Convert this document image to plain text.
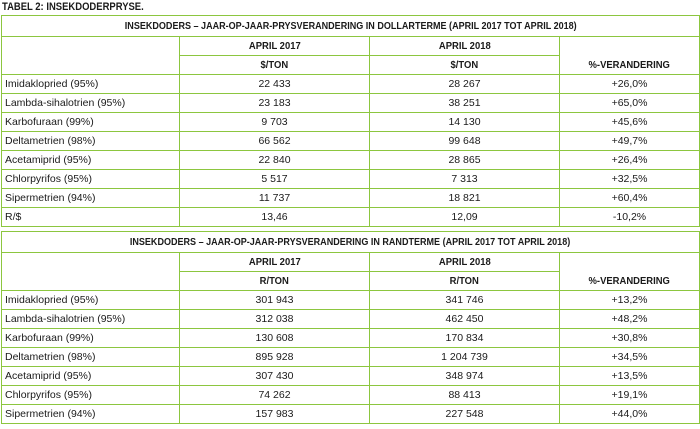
TABEL 2: INSEKDODERPRYSE.
INSEKDODERS – JAAR-OP-JAAR-PRYSVERANDERING IN DOLLARTERME (APRIL 2017 TOT APRIL 2018)			
	APRIL 2017	APRIL 2018	%-VERANDERING
	$/TON	$/TON	
Imidaklopried (95%)	22 433	28 267	+26,0%
Lambda-sihalotrien (95%)	23 183	38 251	+65,0%
Karbofuraan (99%)	9 703	14 130	+45,6%
Deltametrien (98%)	66 562	99 648	+49,7%
Acetamiprid (95%)	22 840	28 865	+26,4%
Chlorpyrifos (95%)	5 517	7 313	+32,5%
Sipermetrien (94%)	11 737	18 821	+60,4%
R/$	13,46	12,09	-10,2%
INSEKDODERS – JAAR-OP-JAAR-PRYSVERANDERING IN RANDTERME (APRIL 2017 TOT APRIL 2018)			
	APRIL 2017	APRIL 2018	%-VERANDERING
	R/TON	R/TON	
Imidaklopried (95%)	301 943	341 746	+13,2%
Lambda-sihalotrien (95%)	312 038	462 450	+48,2%
Karbofuraan (99%)	130 608	170 834	+30,8%
Deltametrien (98%)	895 928	1 204 739	+34,5%
Acetamiprid (95%)	307 430	348 974	+13,5%
Chlorpyrifos (95%)	74 262	88 413	+19,1%
Sipermetrien (94%)	157 983	227 548	+44,0%
